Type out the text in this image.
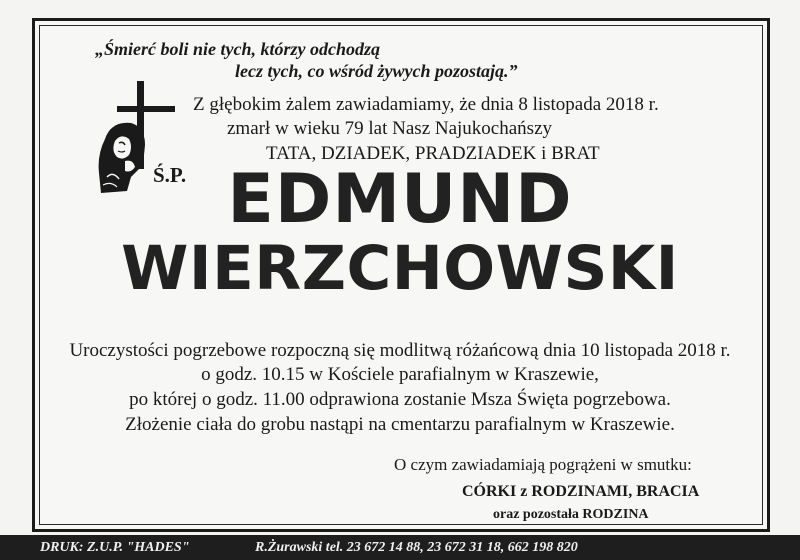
„Śmierć boli nie tych, którzy odchodzą
lecz tych, co wśród żywych pozostają.”
Ś.P.
Z głębokim żalem zawiadamiamy, że dnia 8 listopada 2018 r.
zmarł w wieku 79 lat Nasz Najukochańszy
TATA, DZIADEK, PRADZIADEK i BRAT
EDMUND
WIERZCHOWSKI
Uroczystości pogrzebowe rozpoczną się modlitwą różańcową dnia 10 listopada 2018 r.
o godz. 10.15 w Kościele parafialnym w Kraszewie,
po której o godz. 11.00 odprawiona zostanie Msza Święta pogrzebowa.
Złożenie ciała do grobu nastąpi na cmentarzu parafialnym w Kraszewie.
O czym zawiadamiają pogrążeni w smutku:
CÓRKI z RODZINAMI, BRACIA
oraz pozostała RODZINA
DRUK: Z.U.P. "HADES"	R.Żurawski tel. 23 672 14 88, 23 672 31 18, 662 198 820
